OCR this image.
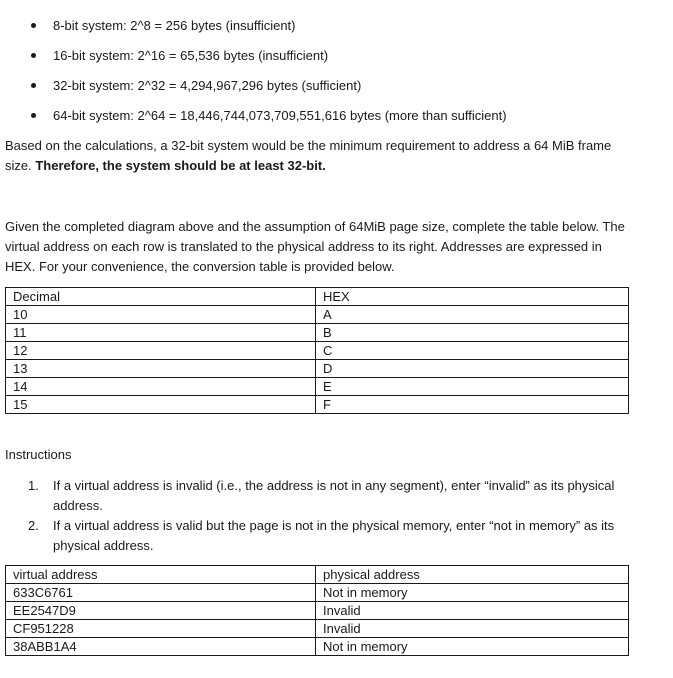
8-bit system: 2^8 = 256 bytes (insufficient)
16-bit system: 2^16 = 65,536 bytes (insufficient)
32-bit system: 2^32 = 4,294,967,296 bytes (sufficient)
64-bit system: 2^64 = 18,446,744,073,709,551,616 bytes (more than sufficient)
Based on the calculations, a 32-bit system would be the minimum requirement to address a 64 MiB frame size. Therefore, the system should be at least 32-bit.
Given the completed diagram above and the assumption of 64MiB page size, complete the table below. The virtual address on each row is translated to the physical address to its right. Addresses are expressed in HEX. For your convenience, the conversion table is provided below.
Decimal	HEX
10	A
11	B
12	C
13	D
14	E
15	F
Instructions
1. If a virtual address is invalid (i.e., the address is not in any segment), enter “invalid” as its physical address.
2. If a virtual address is valid but the page is not in the physical memory, enter “not in memory” as its physical address.
virtual address	physical address
633C6761	Not in memory
EE2547D9	Invalid
CF951228	Invalid
38ABB1A4	Not in memory
